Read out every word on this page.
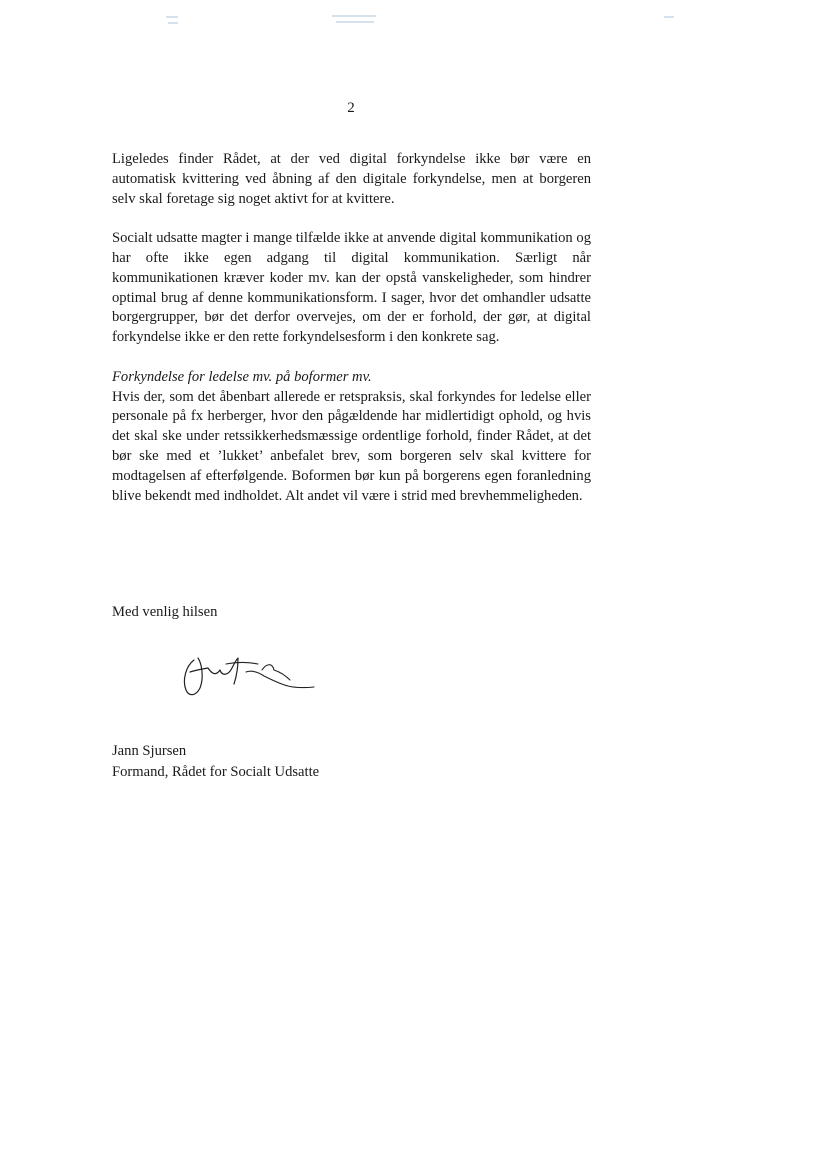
2

Ligeledes finder Rådet, at der ved digital forkyndelse ikke bør være en automatisk kvittering ved åbning af den digitale forkyndelse, men at borgeren selv skal foretage sig noget aktivt for at kvittere.

Socialt udsatte magter i mange tilfælde ikke at anvende digital kommunikation og har ofte ikke egen adgang til digital kommunikation. Særligt når kommunikationen kræver koder mv. kan der opstå vanskeligheder, som hindrer optimal brug af denne kommunikationsform. I sager, hvor det omhandler udsatte borgergrupper, bør det derfor overvejes, om der er forhold, der gør, at digital forkyndelse ikke er den rette forkyndelsesform i den konkrete sag.

Forkyndelse for ledelse mv. på boformer mv.
Hvis der, som det åbenbart allerede er retspraksis, skal forkyndes for ledelse eller personale på fx herberger, hvor den pågældende har midlertidigt ophold, og hvis det skal ske under retssikkerhedsmæssige ordentlige forhold, finder Rådet, at det bør ske med et ’lukket’ anbefalet brev, som borgeren selv skal kvittere for modtagelsen af efterfølgende. Boformen bør kun på borgerens egen foranledning blive bekendt med indholdet. Alt andet vil være i strid med brevhemmeligheden.

Med venlig hilsen
Jann Sjursen
Formand, Rådet for Socialt Udsatte
